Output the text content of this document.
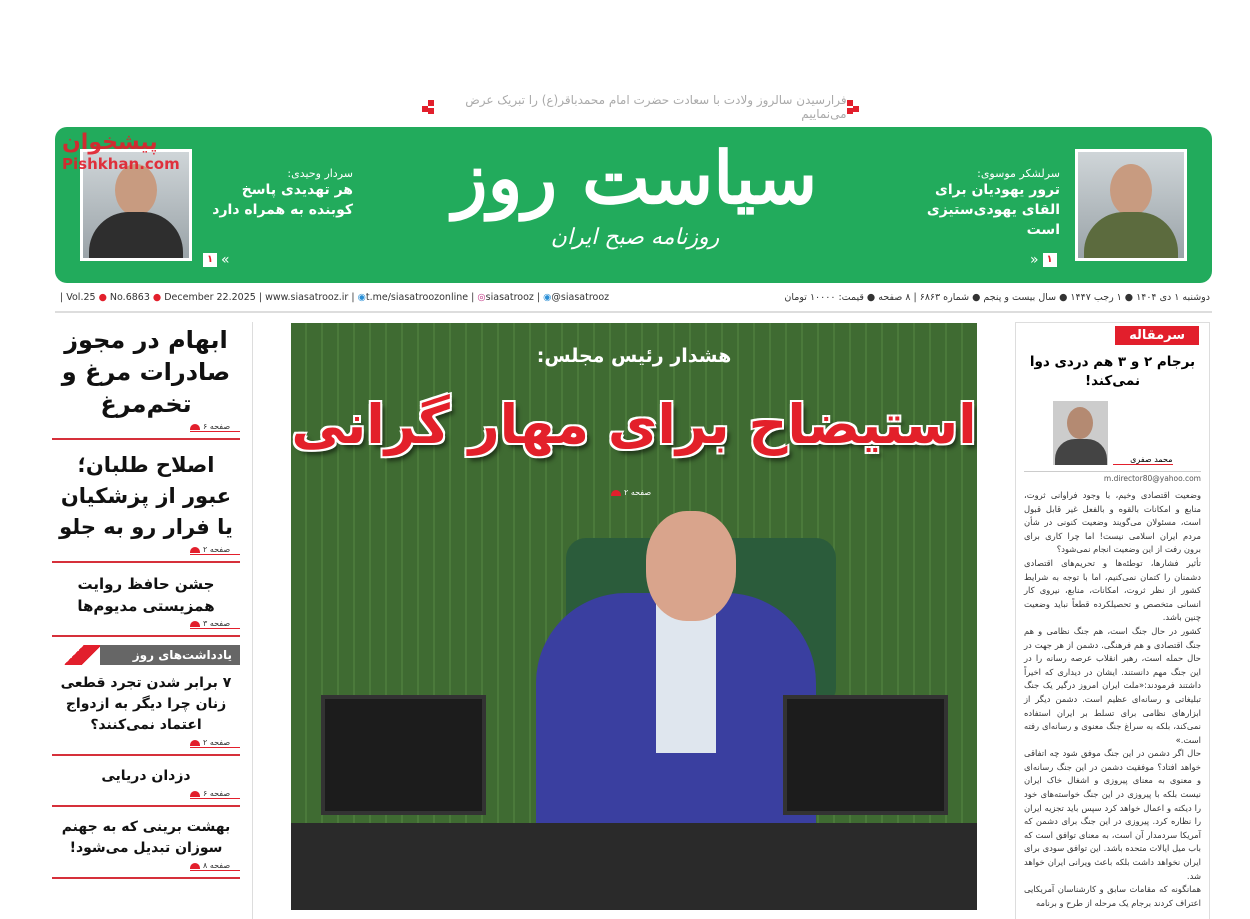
فرارسیدن سالروز ولادت با سعادت حضرت امام محمدباقر(ع) را تبریک عرض می‌نماییم
سرلشکر موسوی:
ترور یهودیان برای القای یهودی‌ستیزی است
» ۱
سردار وحیدی:
هر تهدیدی پاسخ کوبنده به همراه دارد
۱ «
سیاست روز
روزنامه صبح ایران
پیشخوان
Pishkhan.com
| Vol.25 ● No.6863 ● December 22.2025 | www.siasatrooz.ir | ◉t.me/siasatroozonline | ◎siasatrooz | ◉@siasatrooz	دوشنبه ۱ دی ۱۴۰۴ ● ۱ رجب ۱۴۴۷ ● سال بیست و پنجم ● شماره ۶۸۶۳ | ۸ صفحه ● قیمت: ۱۰۰۰۰ تومان
ابهام در مجوز صادرات مرغ و تخم‌مرغ
صفحه ۶
اصلاح طلبان؛ عبور از پزشکیان یا فرار رو به جلو
صفحه ۲
جشن حافظ روایت همزیستی مدیوم‌ها
صفحه ۳
یادداشت‌های روز
۷ برابر شدن تجرد قطعی زنان چرا دیگر به ازدواج اعتماد نمی‌کنند؟
صفحه ۲
دزدان دریایی
صفحه ۶
بهشت برینی که به جهنم سوزان تبدیل می‌شود!
صفحه ۸
هشدار رئیس مجلس:
استیضاح برای مهار گرانی
صفحه ۲
سرمقاله
برجام ۲ و ۳ هم دردی دوا نمی‌کند!
محمد صفری
m.director80@yahoo.com

وضعیت اقتصادی وخیم، با وجود فراوانی ثروت، منابع و امکانات بالقوه و بالفعل غیر قابل قبول است، مسئولان می‌گویند وضعیت کنونی در شأن مردم ایران اسلامی نیست! اما چرا کاری برای برون رفت از این وضعیت انجام نمی‌شود؟

تأثیر فشارها، توطئه‌ها و تحریم‌های اقتصادی دشمنان را کتمان نمی‌کنیم، اما با توجه به شرایط کشور از نظر ثروت، امکانات، منابع، نیروی کار انسانی متخصص و تحصیلکرده قطعاً نباید وضعیت چنین باشد.

کشور در حال جنگ است، هم جنگ نظامی و هم جنگ اقتصادی و هم فرهنگی. دشمن از هر جهت در حال حمله است، رهبر انقلاب عرصه رسانه را در این جنگ مهم دانستند. ایشان در دیداری که اخیراً داشتند فرمودند:«ملت ایران امروز درگیر یک جنگ تبلیغاتی و رسانه‌ای عظیم است. دشمن دیگر از ابزارهای نظامی برای تسلط بر ایران استفاده نمی‌کند، بلکه به سراغ جنگ معنوی و رسانه‌ای رفته است.»

حال اگر دشمن در این جنگ موفق شود چه اتفاقی خواهد افتاد؟ موفقیت دشمن در این جنگ رسانه‌ای و معنوی به معنای پیروزی و اشغال خاک ایران نیست بلکه با پیروزی در این جنگ خواسته‌های خود را دیکته و اعمال خواهد کرد سپس باید تجزیه ایران را نظاره کرد. پیروزی در این جنگ برای دشمن که آمریکا سردمدار آن است، به معنای توافق است که باب میل ایالات متحده باشد. این توافق سودی برای ایران نخواهد داشت بلکه باعث ویرانی ایران خواهد شد.

همانگونه که مقامات سابق و کارشناسان آمریکایی اعتراف کردند برجام یک مرحله از طرح و برنامه
